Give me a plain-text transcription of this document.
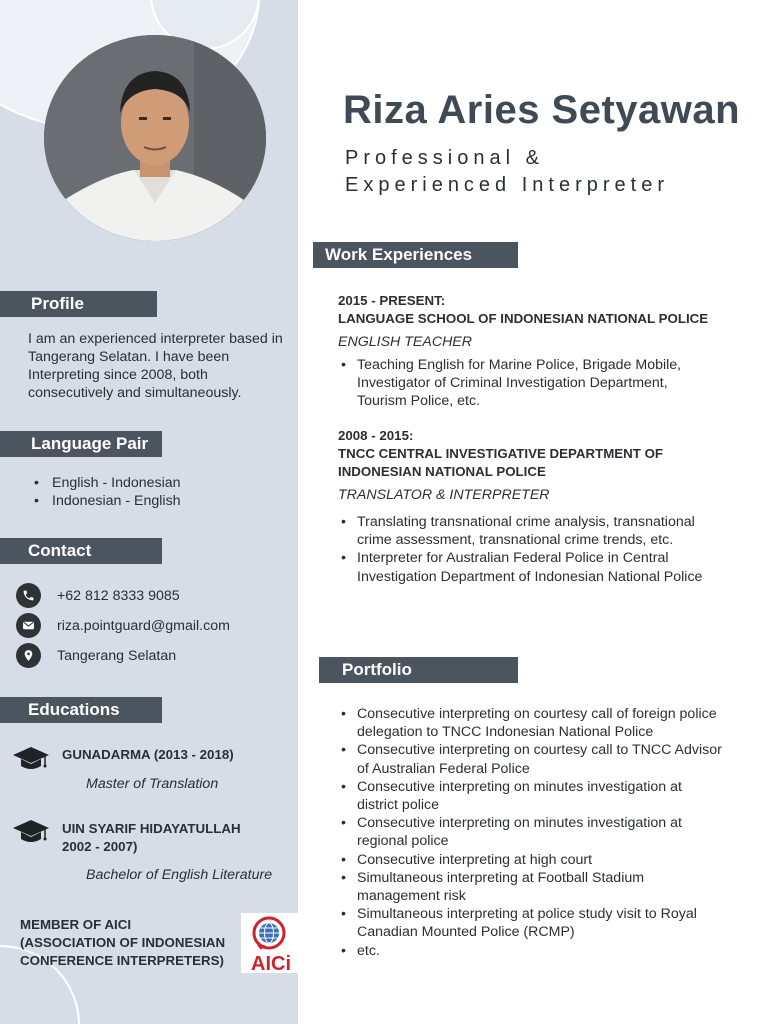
Profile
I am an experienced interpreter based in Tangerang Selatan. I have been Interpreting since 2008, both consecutively and simultaneously.
Language Pair
• English - Indonesian
• Indonesian - English
Contact
+62 812 8333 9085
riza.pointguard@gmail.com
Tangerang Selatan
Educations
GUNADARMA (2013 - 2018)
Master of Translation
UIN SYARIF HIDAYATULLAH
2002 - 2007)
Bachelor of English Literature
MEMBER OF AICI
(ASSOCIATION OF INDONESIAN
CONFERENCE INTERPRETERS)	AICi
Riza Aries Setyawan
Professional &
Experienced Interpreter
Work Experiences
2015 - PRESENT:
LANGUAGE SCHOOL OF INDONESIAN NATIONAL POLICE
ENGLISH TEACHER
• Teaching English for Marine Police, Brigade Mobile, Investigator of Criminal Investigation Department, Tourism Police, etc.
2008 - 2015:
TNCC CENTRAL INVESTIGATIVE DEPARTMENT OF INDONESIAN NATIONAL POLICE
TRANSLATOR & INTERPRETER
• Translating transnational crime analysis, transnational crime assessment, transnational crime trends, etc.
• Interpreter for Australian Federal Police in Central Investigation Department of Indonesian National Police
Portfolio
• Consecutive interpreting on courtesy call of foreign police delegation to TNCC Indonesian National Police
• Consecutive interpreting on courtesy call to TNCC Advisor of Australian Federal Police
• Consecutive interpreting on minutes investigation at district police
• Consecutive interpreting on minutes investigation at regional police
• Consecutive interpreting at high court
• Simultaneous interpreting at Football Stadium management risk
• Simultaneous interpreting at police study visit to Royal Canadian Mounted Police (RCMP)
• etc.
